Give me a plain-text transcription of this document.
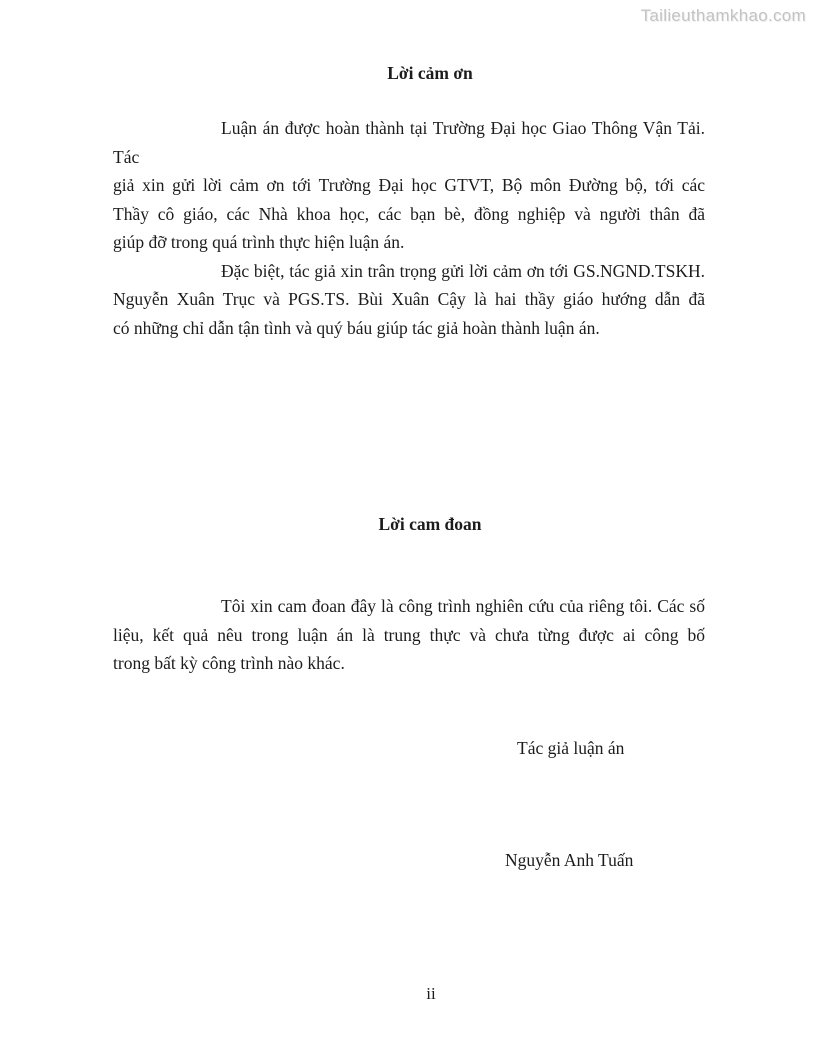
Tailieuthamkhao.com
Lời cảm ơn
Luận án được hoàn thành tại Trường Đại học Giao Thông Vận Tải. Tác
giả xin gửi lời cảm ơn tới Trường Đại học GTVT, Bộ môn Đường bộ, tới các
Thầy cô giáo, các Nhà khoa học, các bạn bè, đồng nghiệp và người thân đã
giúp đỡ trong quá trình thực hiện luận án.
Đặc biệt, tác giả xin trân trọng gửi lời cảm ơn tới GS.NGND.TSKH.
Nguyễn Xuân Trục và PGS.TS. Bùi Xuân Cậy là hai thầy giáo hướng dẫn đã
có những chỉ dẫn tận tình và quý báu giúp tác giả hoàn thành luận án.
Lời cam đoan
Tôi xin cam đoan đây là công trình nghiên cứu của riêng tôi. Các số
liệu, kết quả nêu trong luận án là trung thực và chưa từng được ai công bố
trong bất kỳ công trình nào khác.
Tác giả luận án
Nguyễn Anh Tuấn
ii
